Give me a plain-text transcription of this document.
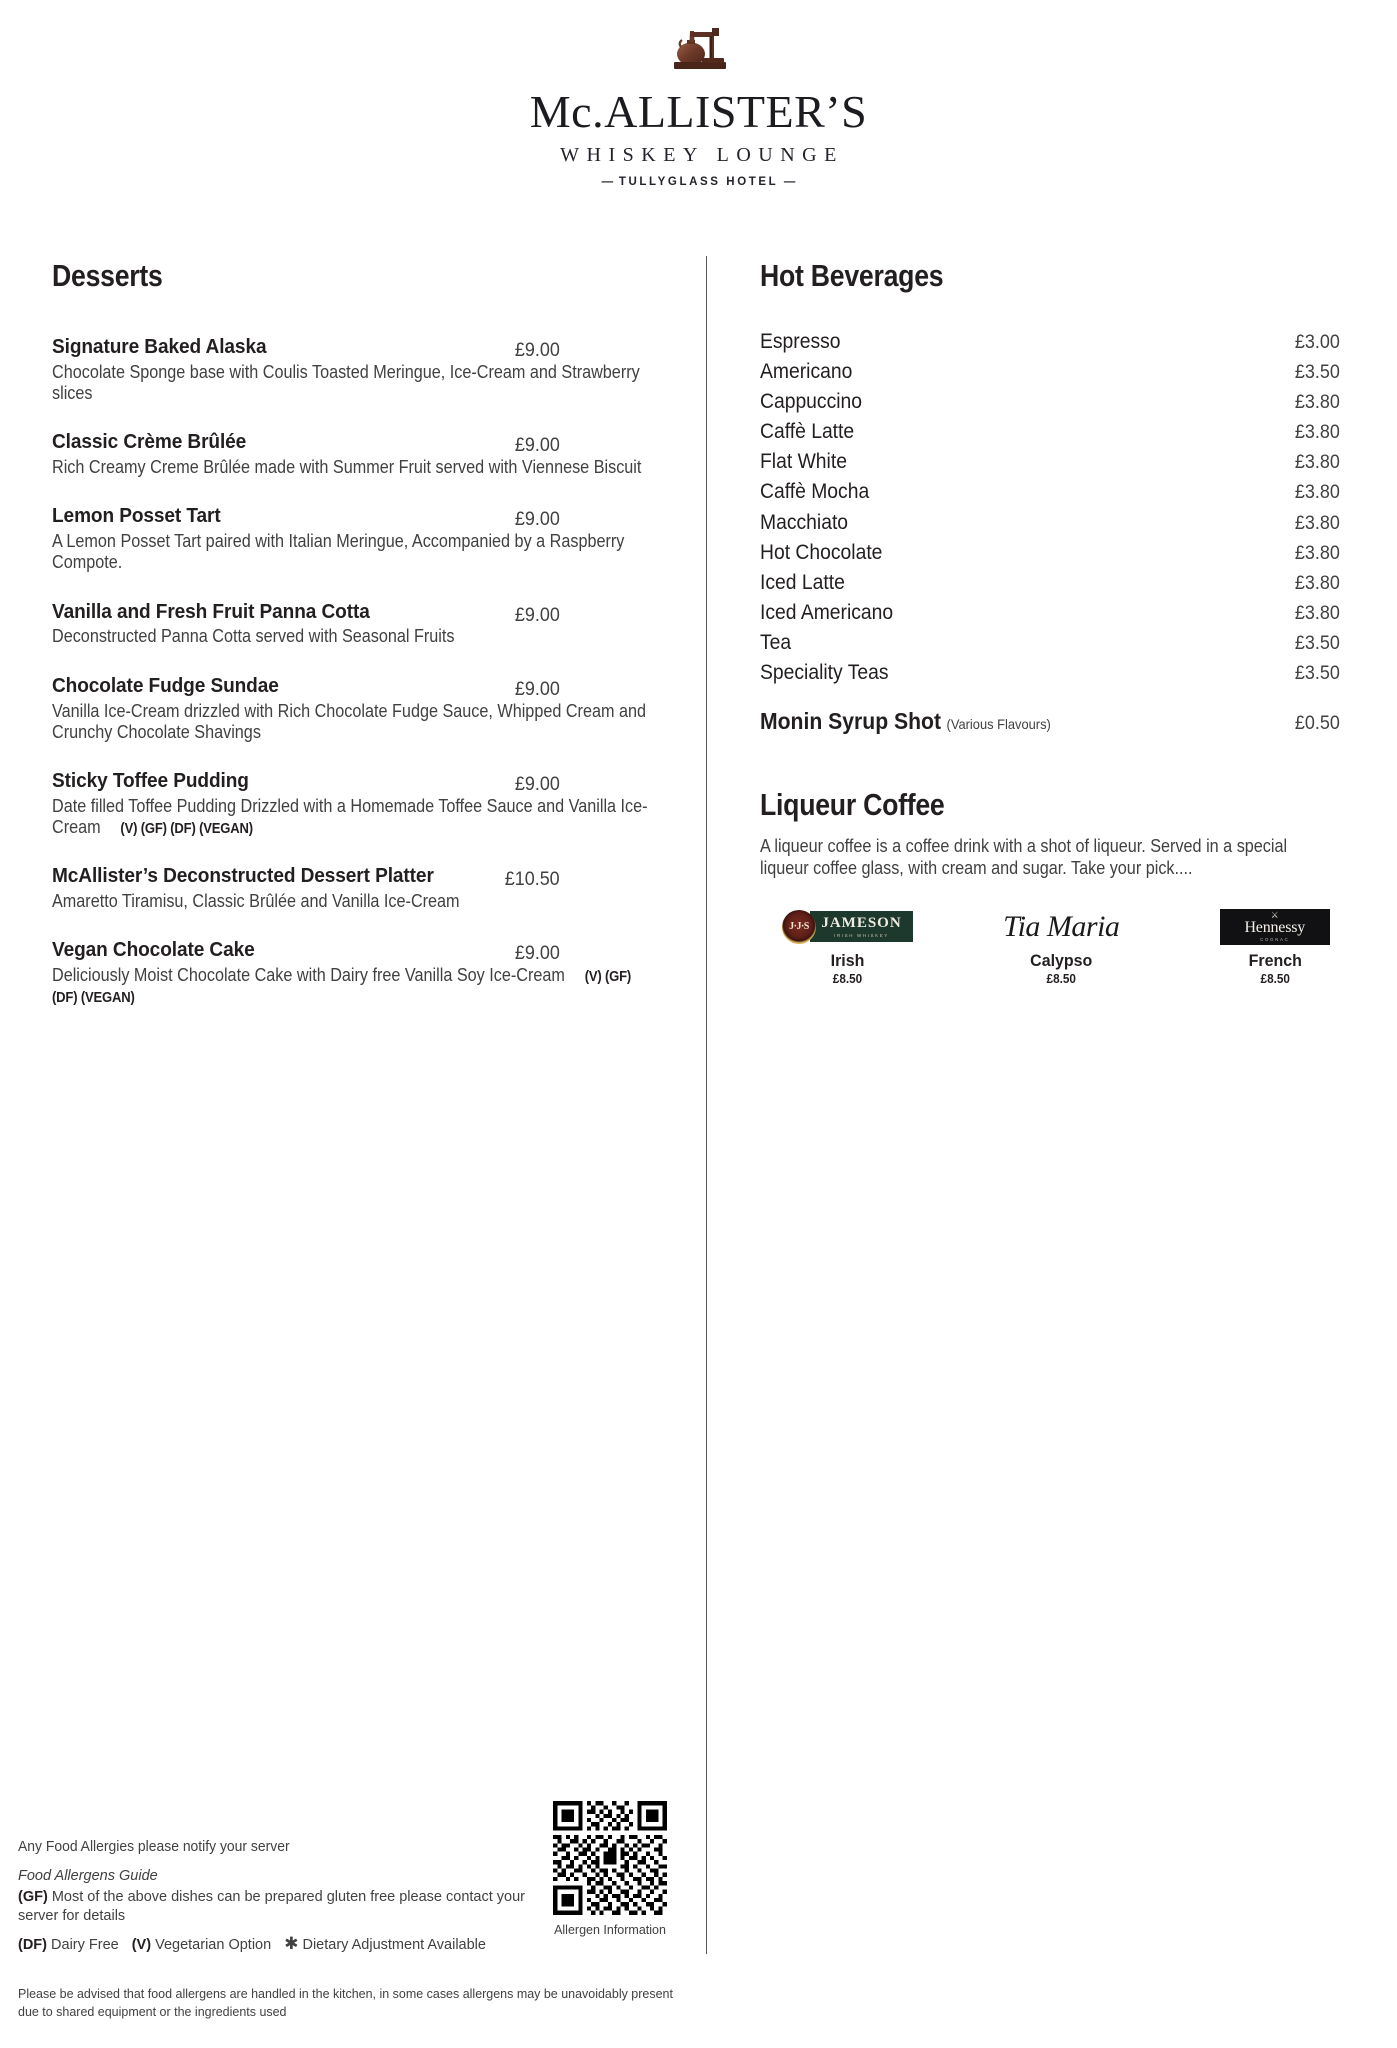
Mc.ALLISTER’S
WHISKEY LOUNGE
— TULLYGLASS HOTEL —
Desserts
Signature Baked Alaska
Chocolate Sponge base with Coulis Toasted Meringue, Ice-Cream and Strawberry slices
£9.00
Classic Crème Brûlée
Rich Creamy Creme Brûlée made with Summer Fruit served with Viennese Biscuit
£9.00
Lemon Posset Tart
A Lemon Posset Tart paired with Italian Meringue, Accompanied by a Raspberry Compote.
£9.00
Vanilla and Fresh Fruit Panna Cotta
Deconstructed Panna Cotta served with Seasonal Fruits
£9.00
Chocolate Fudge Sundae
Vanilla Ice-Cream drizzled with Rich Chocolate Fudge Sauce, Whipped Cream and Crunchy Chocolate Shavings
£9.00
Sticky Toffee Pudding
Date filled Toffee Pudding Drizzled with a Homemade Toffee Sauce and Vanilla Ice-Cream (V) (GF) (DF) (VEGAN)
£9.00
McAllister’s Deconstructed Dessert Platter
Amaretto Tiramisu, Classic Brûlée and Vanilla Ice-Cream
£10.50
Vegan Chocolate Cake
Deliciously Moist Chocolate Cake with Dairy free Vanilla Soy Ice-Cream (V) (GF) (DF) (VEGAN)
£9.00
Hot Beverages
Espresso	£3.00
Americano	£3.50
Cappuccino	£3.80
Caffè Latte	£3.80
Flat White	£3.80
Caffè Mocha	£3.80
Macchiato	£3.80
Hot Chocolate	£3.80
Iced Latte	£3.80
Iced Americano	£3.80
Tea	£3.50
Speciality Teas	£3.50
Monin Syrup Shot (Various Flavours)	£0.50
Liqueur Coffee
A liqueur coffee is a coffee drink with a shot of liqueur. Served in a special liqueur coffee glass, with cream and sugar. Take your pick....
J·J·S JAMESON
IRISH WHISKEY
Irish
£8.50
Tia Maria
Calypso
£8.50
⚔
Hennessy
COGNAC
French
£8.50
Any Food Allergies please notify your server
Food Allergens Guide
(GF) Most of the above dishes can be prepared gluten free please contact your server for details
(DF) Dairy Free (V) Vegetarian Option ✱ Dietary Adjustment Available
Please be advised that food allergens are handled in the kitchen, in some cases allergens may be unavoidably present due to shared equipment or the ingredients used
Allergen Information
